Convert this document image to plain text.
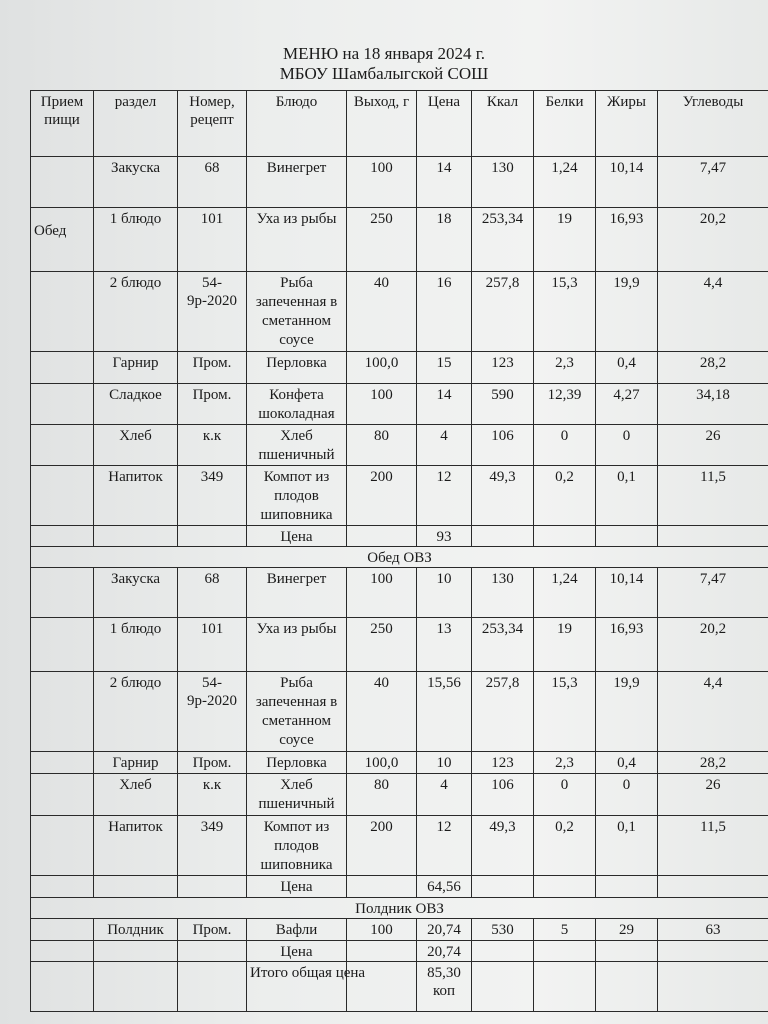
МЕНЮ на 18 января 2024 г.
МБОУ Шамбалыгской СОШ
Прием пищи	раздел	Номер, рецепт	Блюдо	Выход, г	Цена	Ккал	Белки	Жиры	Углеводы
	Закуска	68	Винегрет	100	14	130	1,24	10,14	7,47
Обед	1 блюдо	101	Уха из рыбы	250	18	253,34	19	16,93	20,2
	2 блюдо	54-9р-2020	Рыба запеченная в сметанном соусе	40	16	257,8	15,3	19,9	4,4
	Гарнир	Пром.	Перловка	100,0	15	123	2,3	0,4	28,2
	Сладкое	Пром.	Конфета шоколадная	100	14	590	12,39	4,27	34,18
	Хлеб	к.к	Хлеб пшеничный	80	4	106	0	0	26
	Напиток	349	Компот из плодов шиповника	200	12	49,3	0,2	0,1	11,5
			Цена		93				
Обед ОВЗ									
	Закуска	68	Винегрет	100	10	130	1,24	10,14	7,47
	1 блюдо	101	Уха из рыбы	250	13	253,34	19	16,93	20,2
	2 блюдо	54-9р-2020	Рыба запеченная в сметанном соусе	40	15,56	257,8	15,3	19,9	4,4
	Гарнир	Пром.	Перловка	100,0	10	123	2,3	0,4	28,2
	Хлеб	к.к	Хлеб пшеничный	80	4	106	0	0	26
	Напиток	349	Компот из плодов шиповника	200	12	49,3	0,2	0,1	11,5
			Цена		64,56				
Полдник ОВЗ									
	Полдник	Пром.	Вафли	100	20,74	530	5	29	63
			Цена		20,74				
			Итого общая цена		85,30 коп				
